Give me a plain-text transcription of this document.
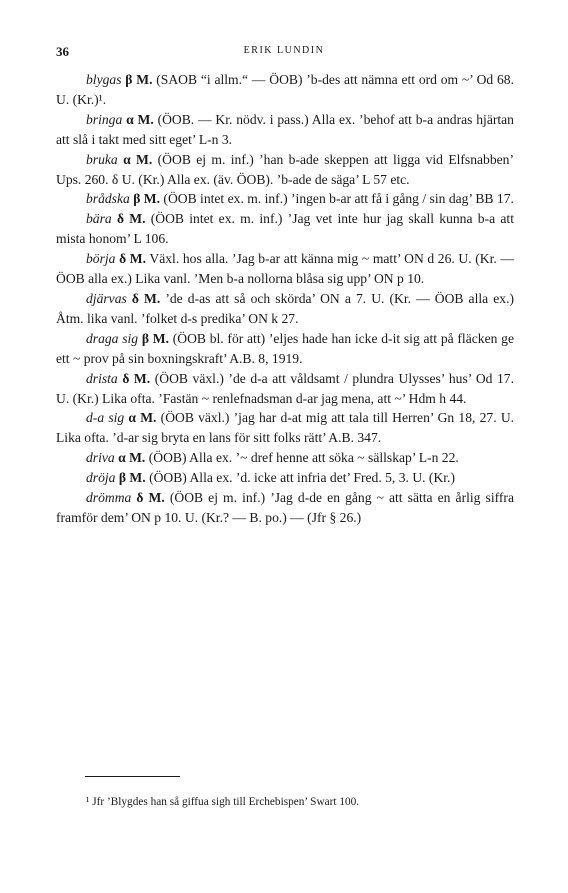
36	ERIK LUNDIN

blygas β M. (SAOB “i allm.“ — ÖOB) ’b-des att nämna ett ord om ~’ Od 68. U. (Kr.)¹.

bringa α M. (ÖOB. — Kr. nödv. i pass.) Alla ex. ’behof att b-a andras hjärtan att slå i takt med sitt eget’ L-n 3.

bruka α M. (ÖOB ej m. inf.) ’han b-ade skeppen att ligga vid Elfsnabben’ Ups. 260. δ U. (Kr.) Alla ex. (äv. ÖOB). ’b-ade de säga’ L 57 etc.

brådska β M. (ÖOB intet ex. m. inf.) ’ingen b-ar att få i gång / sin dag’ BB 17.

bära δ M. (ÖOB intet ex. m. inf.) ’Jag vet inte hur jag skall kunna b-a att mista honom’ L 106.

börja δ M. Växl. hos alla. ’Jag b-ar att känna mig ~ matt’ ON d 26. U. (Kr. — ÖOB alla ex.) Lika vanl. ’Men b-a nollorna blåsa sig upp’ ON p 10.

djärvas δ M. ’de d-as att så och skörda’ ON a 7. U. (Kr. — ÖOB alla ex.) Åtm. lika vanl. ’folket d-s predika’ ON k 27.

draga sig β M. (ÖOB bl. för att) ’eljes hade han icke d-it sig att på fläcken ge ett ~ prov på sin boxningskraft’ A.B. 8, 1919.

dristа δ M. (ÖOB växl.) ’de d-a att våldsamt / plundra Ulysses’ hus’ Od 17. U. (Kr.) Lika ofta. ’Fastän ~ renlefnadsman d-ar jag mena, att ~’ Hdm h 44.

d-a sig α M. (ÖOB växl.) ’jag har d-at mig att tala till Herren’ Gn 18, 27. U. Lika ofta. ’d-ar sig bryta en lans för sitt folks rätt’ A.B. 347.

driva α M. (ÖOB) Alla ex. ’~ dref henne att söka ~ sällskap’ L-n 22.

dröja β M. (ÖOB) Alla ex. ’d. icke att infria det’ Fred. 5, 3. U. (Kr.)

drömma δ M. (ÖOB ej m. inf.) ’Jag d-de en gång ~ att sätta en årlig siffra framför dem’ ON p 10. U. (Kr.? — B. po.) — (Jfr § 26.)

¹ Jfr ’Blygdes han så giffua sigh till Erchebispen’ Swart 100.
